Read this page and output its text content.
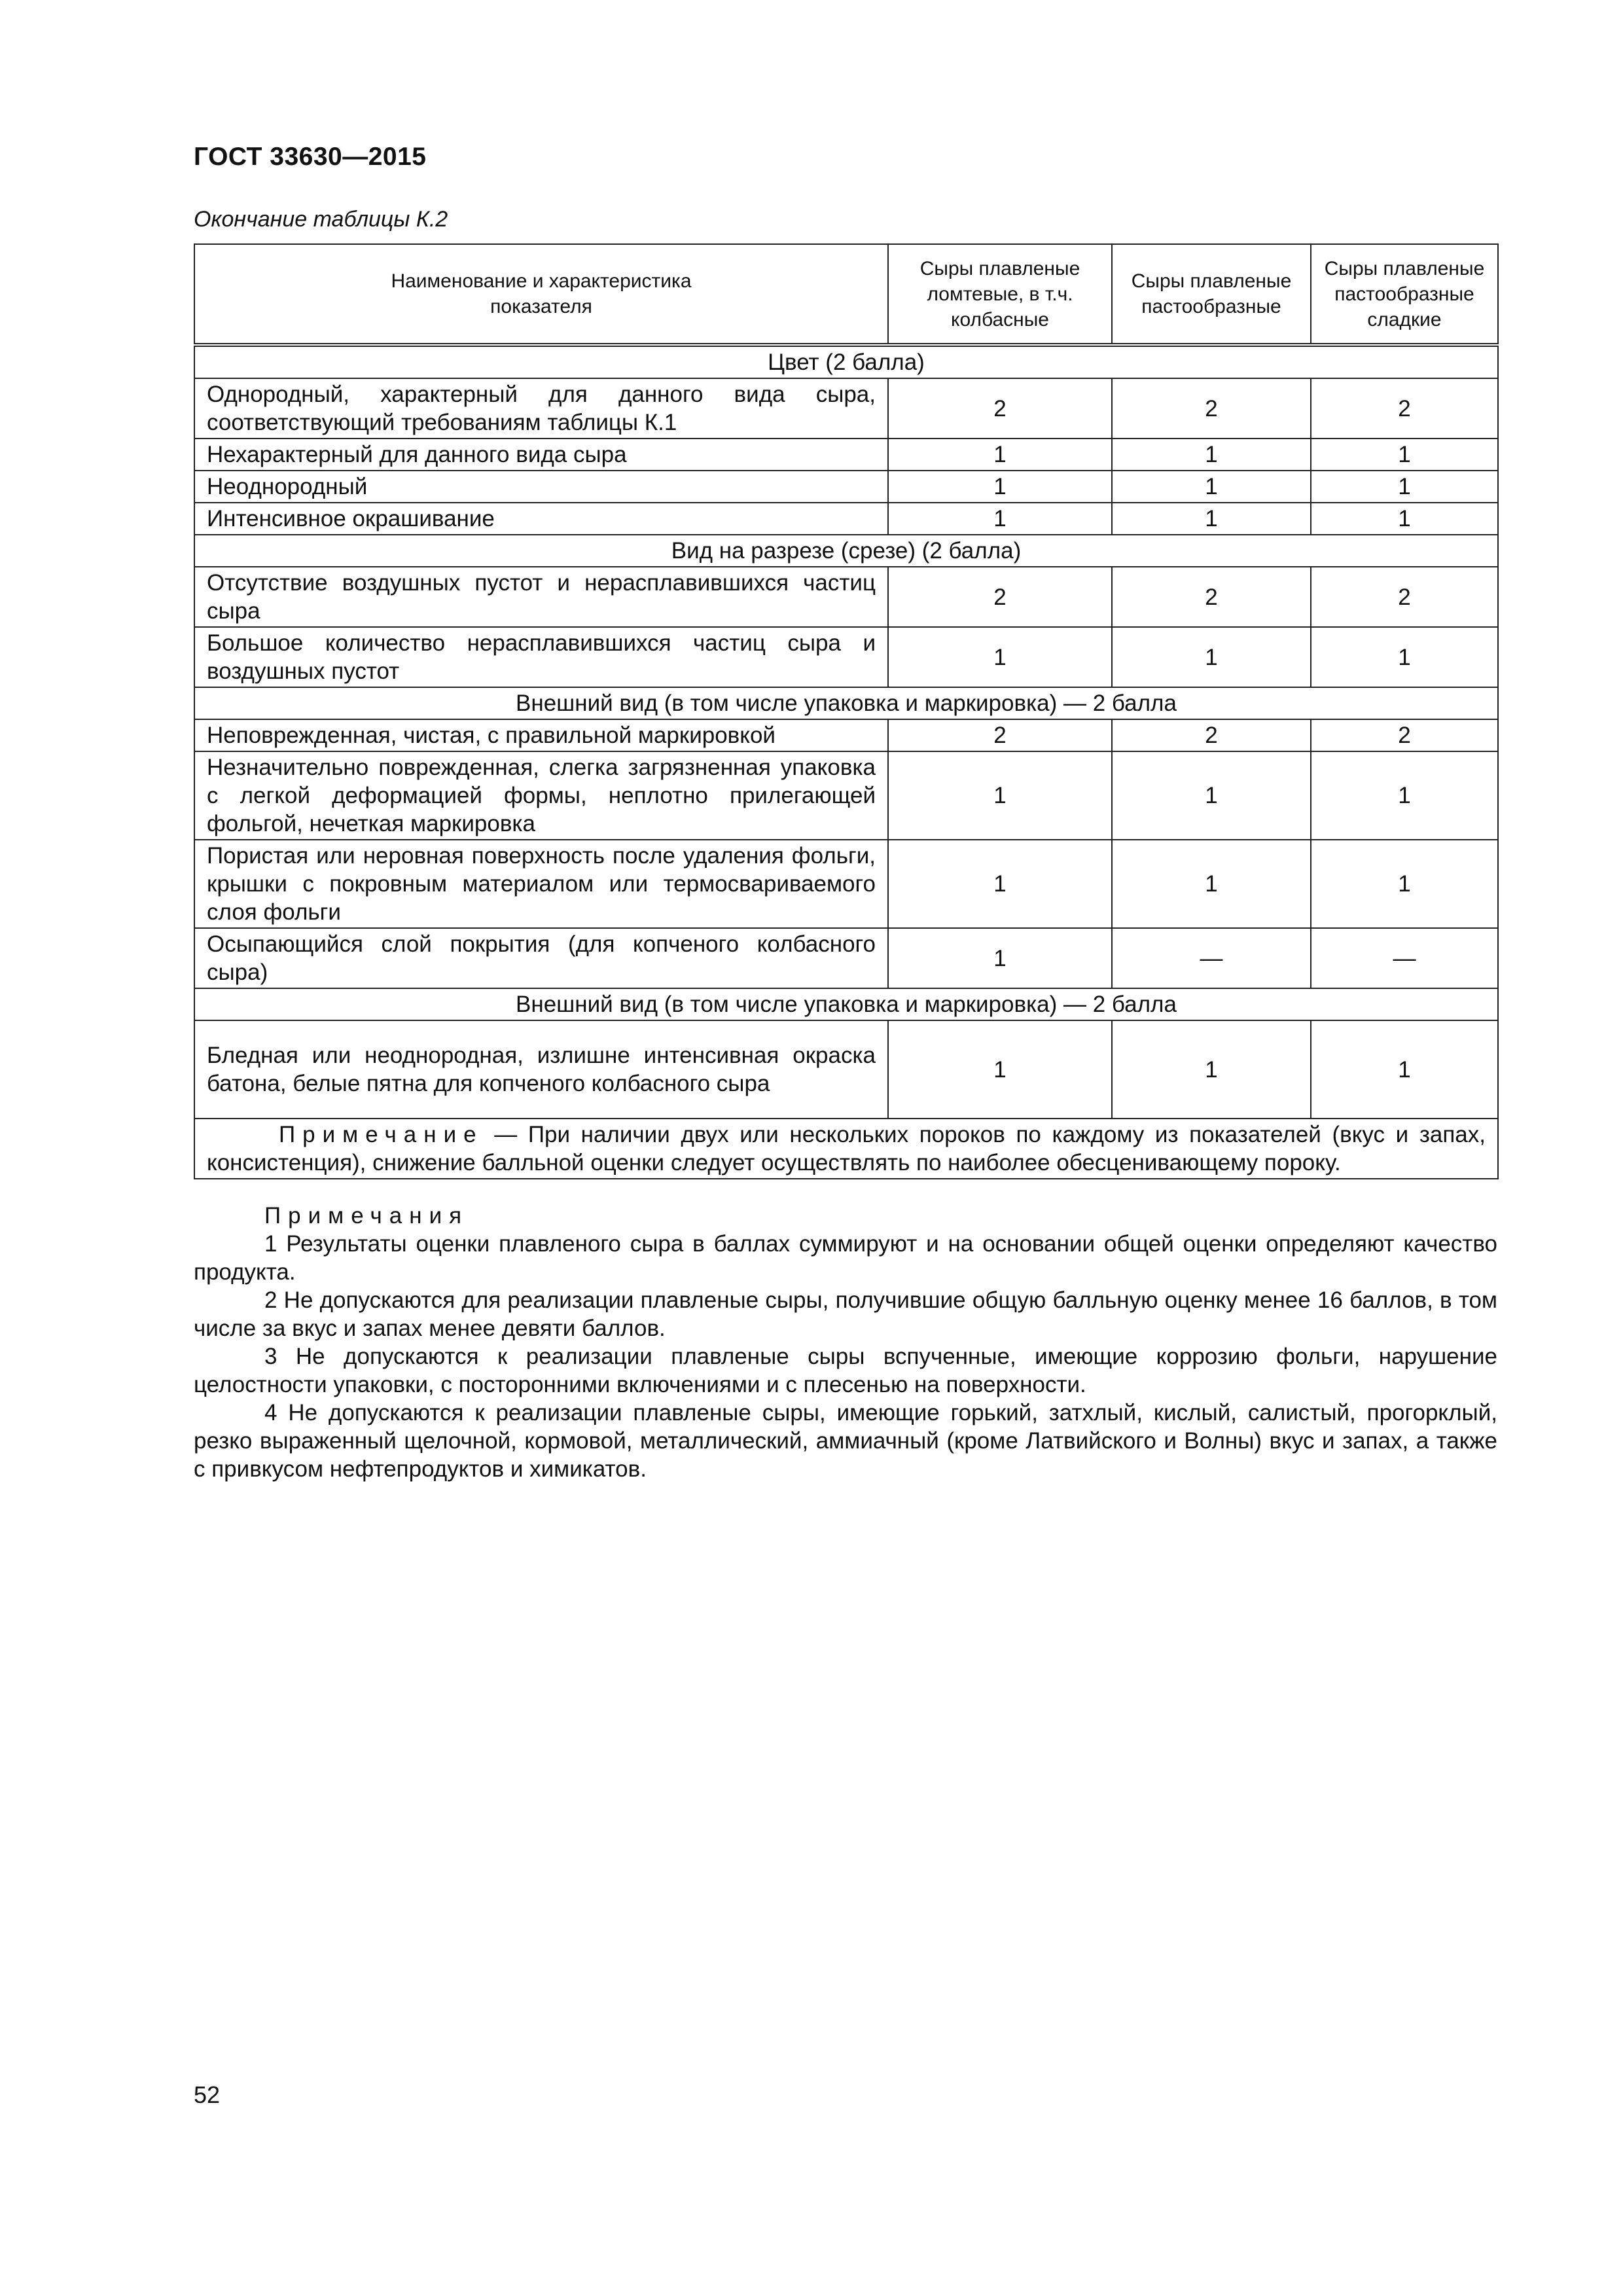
ГОСТ 33630—2015
Окончание таблицы К.2
Наименование и характеристика показателя	Сыры плавленые ломтевые, в т.ч. колбасные	Сыры плавленые пастообразные	Сыры плавленые пастообразные сладкие
Цвет (2 балла)			
Однородный, характерный для данного вида сыра, соответствующий требованиям таблицы К.1	2	2	2
Нехарактерный для данного вида сыра	1	1	1
Неоднородный	1	1	1
Интенсивное окрашивание	1	1	1
Вид на разрезе (срезе) (2 балла)			
Отсутствие воздушных пустот и нерасплавившихся частиц сыра	2	2	2
Большое количество нерасплавившихся частиц сыра и воздушных пустот	1	1	1
Внешний вид (в том числе упаковка и маркировка) — 2 балла			
Неповрежденная, чистая, с правильной маркировкой	2	2	2
Незначительно поврежденная, слегка загрязненная упаковка с легкой деформацией формы, неплотно прилегающей фольгой, нечеткая маркировка	1	1	1
Пористая или неровная поверхность после удаления фольги, крышки с покровным материалом или термосвариваемого слоя фольги	1	1	1
Осыпающийся слой покрытия (для копченого колбасного сыра)	1	—	—
Внешний вид (в том числе упаковка и маркировка) — 2 балла			
Бледная или неоднородная, излишне интенсивная окраска батона, белые пятна для копченого колбасного сыра	1	1	1
Примечание — При наличии двух или нескольких пороков по каждому из показателей (вкус и запах, консистенция), снижение балльной оценки следует осуществлять по наиболее обесценивающему пороку.			
Примечания

1 Результаты оценки плавленого сыра в баллах суммируют и на основании общей оценки определяют качество продукта.

2 Не допускаются для реализации плавленые сыры, получившие общую балльную оценку менее 16 баллов, в том числе за вкус и запах менее девяти баллов.

3 Не допускаются к реализации плавленые сыры вспученные, имеющие коррозию фольги, нарушение целостности упаковки, с посторонними включениями и с плесенью на поверхности.

4 Не допускаются к реализации плавленые сыры, имеющие горький, затхлый, кислый, салистый, прогорклый, резко выраженный щелочной, кормовой, металлический, аммиачный (кроме Латвийского и Волны) вкус и запах, а также с привкусом нефтепродуктов и химикатов.

52
